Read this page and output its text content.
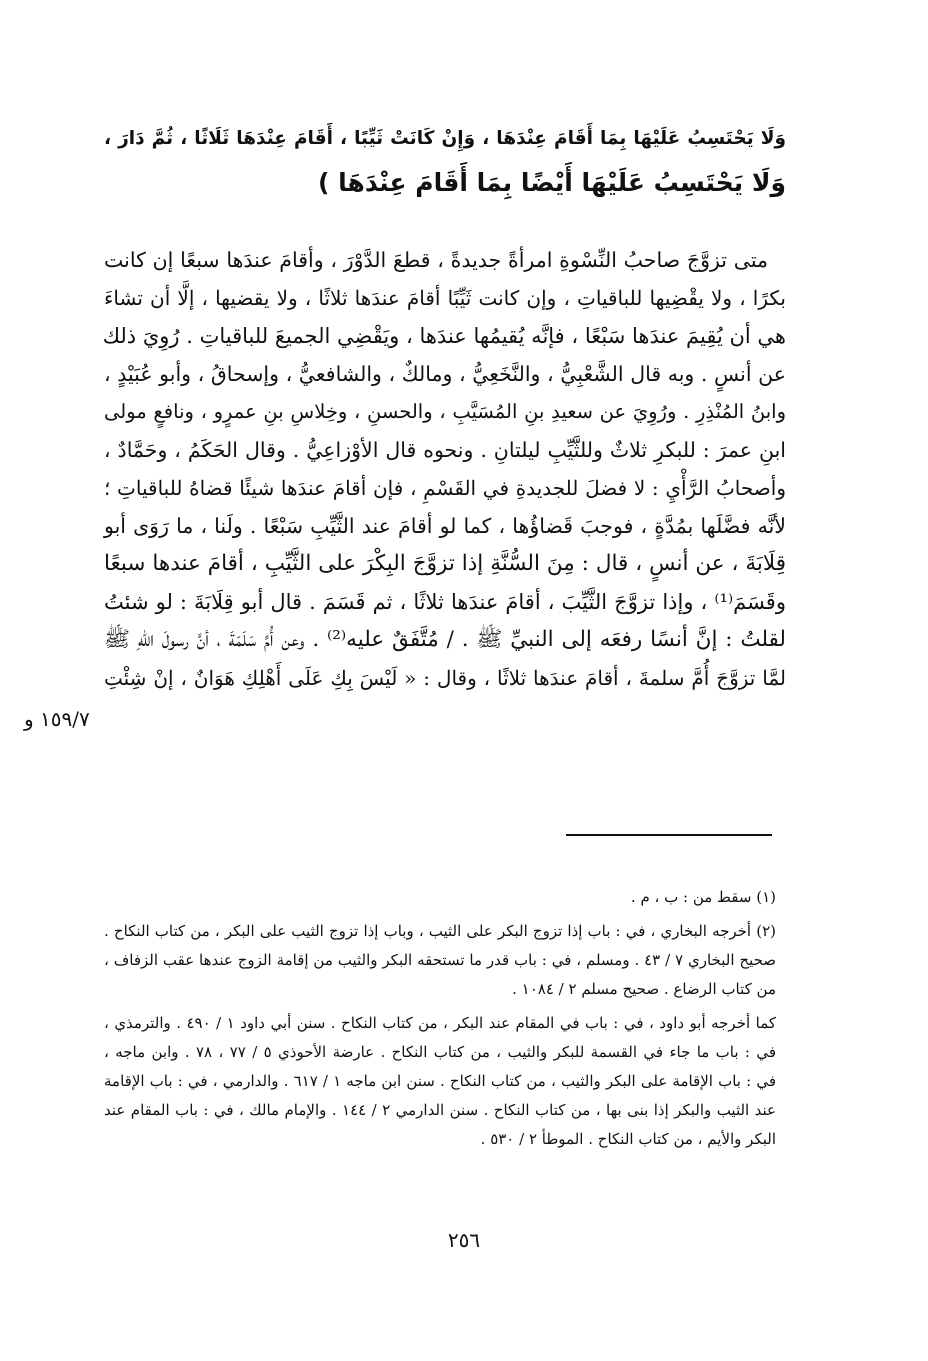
وَلَا يَحْتَسِبُ عَلَيْهَا بِمَا أَقَامَ عِنْدَهَا ، وَإِنْ كَانَتْ ثَيِّبًا ، أَقَامَ عِنْدَهَا ثَلَاثًا ، ثُمَّ دَارَ ،
وَلَا يَحْتَسِبُ عَلَيْهَا أَيْضًا بِمَا أَقَامَ عِنْدَهَا )
متى تزوَّجَ صاحبُ النِّسْوةِ امرأةً جديدةً ، قطعَ الدَّوْرَ ، وأقامَ عندَها سبعًا إن كانت
بكرًا ، ولا يقْضِيها للباقياتِ ، وإن كانت ثَيِّبًا أقامَ عندَها ثلاثًا ، ولا يقضيها ، إلَّا أن تشاءَ
هي أن يُقِيمَ عندَها سَبْعًا ، فإنَّه يُقيمُها عندَها ، ويَقْضِي الجميعَ للباقياتِ . رُوِيَ ذلك
عن أنسٍ . وبه قال الشَّعْبِيُّ ، والنَّخَعِيُّ ، ومالكٌ ، والشافعيُّ ، وإسحاقُ ، وأبو عُبَيْدٍ ،
وابنُ المُنْذِرِ . ورُوِيَ عن سعيدِ بنِ المُسَيَّبِ ، والحسنِ ، وخِلاسِ بنِ عمرٍو ، ونافعٍ مولى
ابنِ عمرَ : للبكرِ ثلاثٌ وللثَّيِّبِ ليلتانِ . ونحوه قال الأوْزاعِيُّ . وقال الحَكَمُ ، وحَمَّادٌ ،
وأصحابُ الرَّأْيِ : لا فضلَ للجديدةِ في القَسْمِ ، فإن أقامَ عندَها شيئًا قضاهُ للباقياتِ ؛
لأنَّه فضَّلَها بمُدَّةٍ ، فوجبَ قَضاؤُها ، كما لو أقامَ عند الثَّيِّبِ سَبْعًا . ولَنا ، ما رَوَى أبو
قِلَابَةَ ، عن أنسٍ ، قال : مِنَ السُّنَّةِ إذا تزوَّجَ البِكْرَ على الثَّيِّبِ ، أقامَ عندها سبعًا
وقَسَمَ⁽¹⁾ ، وإذا تزوَّجَ الثَّيِّبَ ، أقامَ عندَها ثلاثًا ، ثم قَسَمَ . قال أبو قِلَابَةَ : لو شئتُ
لقلتُ : إنَّ أنسًا رفعَه إلى النبيِّ ﷺ . / مُتَّفَقٌ عليه⁽²⁾ . وعن أُمِّ سَلَمَةَ ، أنَّ رسولَ اللهِ ﷺ
لمَّا تزوَّجَ أُمَّ سلمةَ ، أقامَ عندَها ثلاثًا ، وقال : « لَيْسَ بِكِ عَلَى أَهْلِكِ هَوَانٌ ، إنْ شِئْتِ
١٥٩/٧ و
(١) سقط من : ب ، م .
(٢) أخرجه البخاري ، في : باب إذا تزوج البكر على الثيب ، وباب إذا تزوج الثيب على البكر ، من كتاب النكاح .
صحيح البخاري ٧ / ٤٣ . ومسلم ، في : باب قدر ما تستحقه البكر والثيب من إقامة الزوج عندها عقب الزفاف ،
من كتاب الرضاع . صحيح مسلم ٢ / ١٠٨٤ .
كما أخرجه أبو داود ، في : باب في المقام عند البكر ، من كتاب النكاح . سنن أبي داود ١ / ٤٩٠ . والترمذي ،
في : باب ما جاء في القسمة للبكر والثيب ، من كتاب النكاح . عارضة الأحوذي ٥ / ٧٧ ، ٧٨ . وابن ماجه ،
في : باب الإقامة على البكر والثيب ، من كتاب النكاح . سنن ابن ماجه ١ / ٦١٧ . والدارمي ، في : باب الإقامة
عند الثيب والبكر إذا بنى بها ، من كتاب النكاح . سنن الدارمي ٢ / ١٤٤ . والإمام مالك ، في : باب المقام عند
البكر والأيم ، من كتاب النكاح . الموطأ ٢ / ٥٣٠ .
٢٥٦
